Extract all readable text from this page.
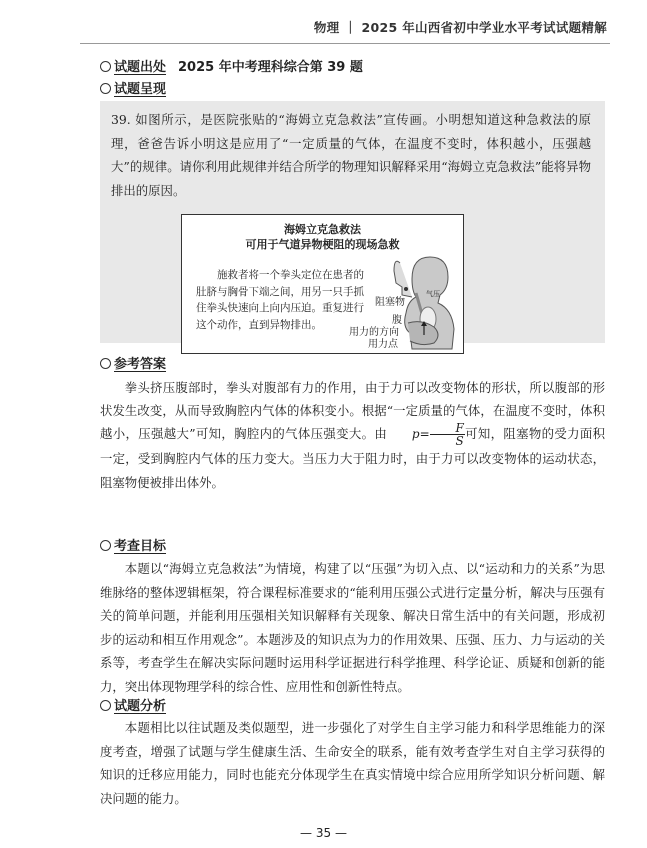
物理 ｜ 2025 年山西省初中学业水平考试试题精解
试题出处 2025 年中考理科综合第 39 题
试题呈现
39. 如图所示，是医院张贴的“海姆立克急救法”宣传画。小明想知道这种急救法的原理，爸爸告诉小明这是应用了“一定质量的气体，在温度不变时，体积越小，压强越大”的规律。请你利用此规律并结合所学的物理知识解释采用“海姆立克急救法”能将异物排出的原因。
海姆立克急救法
可用于气道异物梗阻的现场急救
施救者将一个拳头定位在患者的肚脐与胸骨下端之间，用另一只手抓住拳头快速向上向内压迫。重复进行这个动作，直到异物排出。
阻塞物
气压
腹
用力的方向
用力点
参考答案
拳头挤压腹部时，拳头对腹部有力的作用，由于力可以改变物体的形状，所以腹部的形状发生改变，从而导致胸腔内气体的体积变小。根据“一定质量的气体，在温度不变时，体积越小，压强越大”可知，胸腔内的气体压强变大。由 $p= \frac{F}{S}$ 可知，阻塞物的受力面积一定，受到胸腔内气体的压力变大。当压力大于阻力时，由于力可以改变物体的运动状态，阻塞物便被排出体外。
考查目标
本题以“海姆立克急救法”为情境，构建了以“压强”为切入点、以“运动和力的关系”为思维脉络的整体逻辑框架，符合课程标准要求的“能利用压强公式进行定量分析，解决与压强有关的简单问题，并能利用压强相关知识解释有关现象、解决日常生活中的有关问题，形成初步的运动和相互作用观念”。本题涉及的知识点为力的作用效果、压强、压力、力与运动的关系等，考查学生在解决实际问题时运用科学证据进行科学推理、科学论证、质疑和创新的能力，突出体现物理学科的综合性、应用性和创新性特点。
试题分析
本题相比以往试题及类似题型，进一步强化了对学生自主学习能力和科学思维能力的深度考查，增强了试题与学生健康生活、生命安全的联系，能有效考查学生对自主学习获得的知识的迁移应用能力，同时也能充分体现学生在真实情境中综合应用所学知识分析问题、解决问题的能力。
— 35 —
